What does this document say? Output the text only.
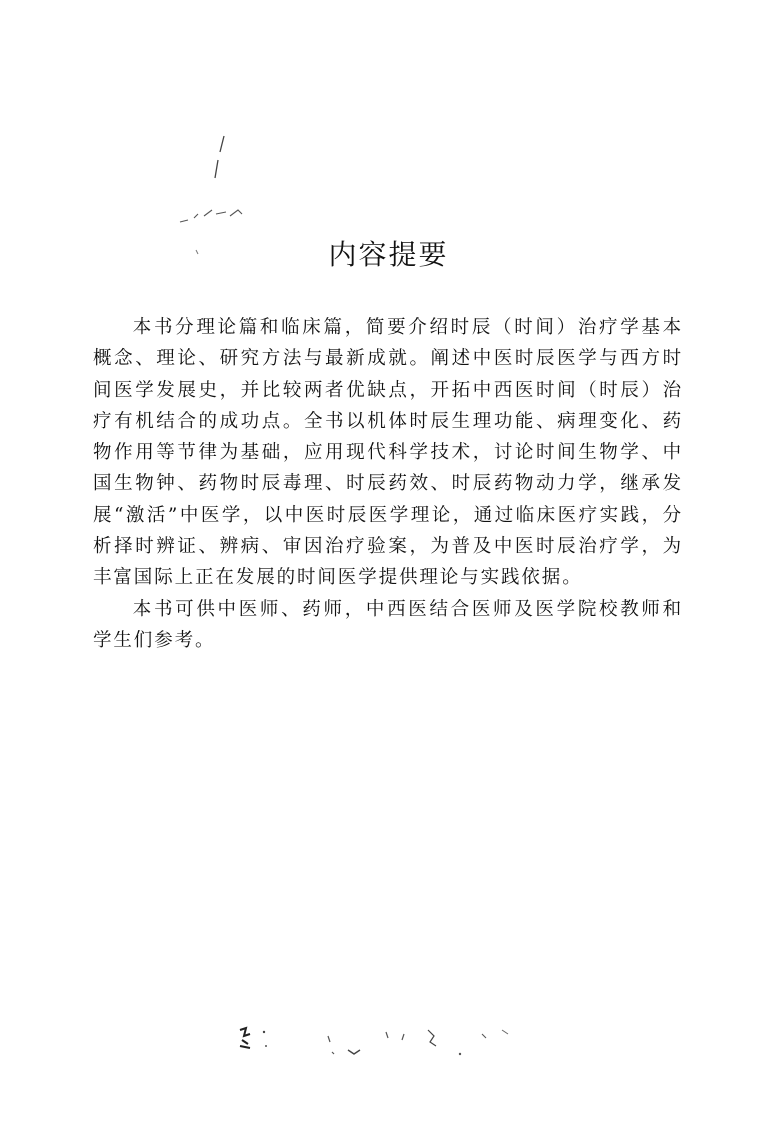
内容提要

本书分理论篇和临床篇，简要介绍时辰（时间）治疗学基本概念、理论、研究方法与最新成就。阐述中医时辰医学与西方时间医学发展史，并比较两者优缺点，开拓中西医时间（时辰）治疗有机结合的成功点。全书以机体时辰生理功能、病理变化、药物作用等节律为基础，应用现代科学技术，讨论时间生物学、中国生物钟、药物时辰毒理、时辰药效、时辰药物动力学，继承发展“激活”中医学，以中医时辰医学理论，通过临床医疗实践，分析择时辨证、辨病、审因治疗验案，为普及中医时辰治疗学，为丰富国际上正在发展的时间医学提供理论与实践依据。

本书可供中医师、药师，中西医结合医师及医学院校教师和学生们参考。
